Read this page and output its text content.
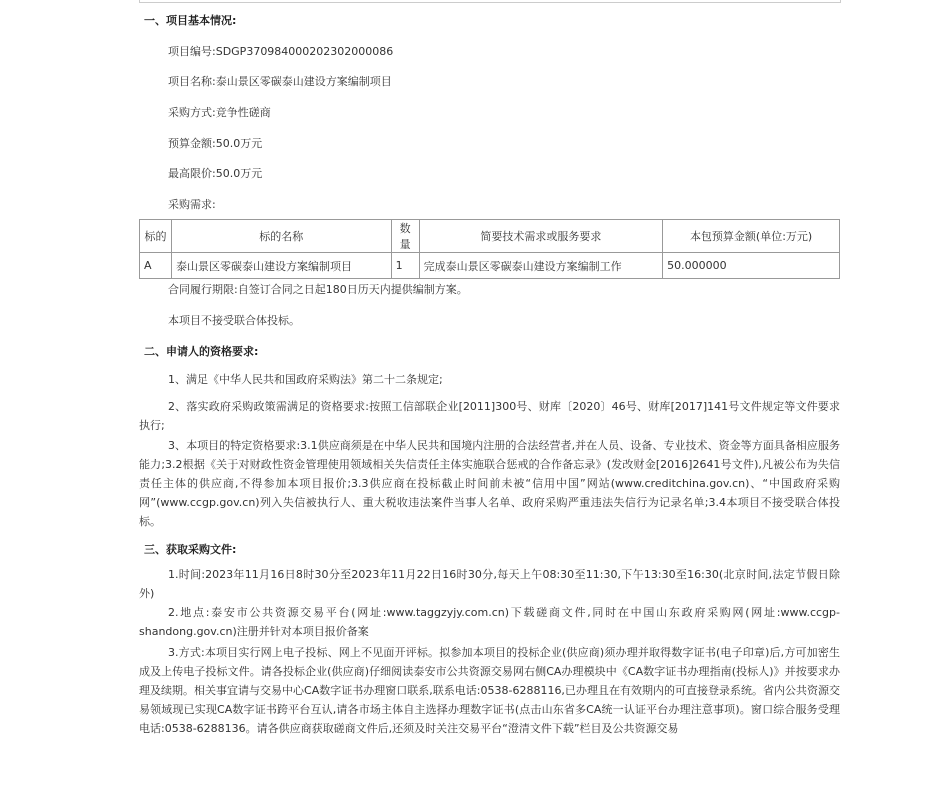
一、项目基本情况:
项目编号:SDGP370984000202302000086
项目名称:泰山景区零碳泰山建设方案编制项目
采购方式:竞争性磋商
预算金额:50.0万元
最高限价:50.0万元
采购需求:
标的	标的名称	数量	简要技术需求或服务要求	本包预算金额(单位:万元)
A	泰山景区零碳泰山建设方案编制项目	1	完成泰山景区零碳泰山建设方案编制工作	50.000000
合同履行期限:自签订合同之日起180日历天内提供编制方案。
本项目不接受联合体投标。
二、申请人的资格要求:
1、满足《中华人民共和国政府采购法》第二十二条规定;
2、落实政府采购政策需满足的资格要求:按照工信部联企业[2011]300号、财库〔2020〕46号、财库[2017]141号文件规定等文件要求执行;
3、本项目的特定资格要求:3.1供应商须是在中华人民共和国境内注册的合法经营者,并在人员、设备、专业技术、资金等方面具备相应服务能力;3.2根据《关于对财政性资金管理使用领域相关失信责任主体实施联合惩戒的合作备忘录》(发改财金[2016]2641号文件),凡被公布为失信责任主体的供应商,不得参加本项目报价;3.3供应商在投标截止时间前未被“信用中国”网站(www.creditchina.gov.cn)、“中国政府采购网”(www.ccgp.gov.cn)列入失信被执行人、重大税收违法案件当事人名单、政府采购严重违法失信行为记录名单;3.4本项目不接受联合体投标。
三、获取采购文件:
1.时间:2023年11月16日8时30分至2023年11月22日16时30分,每天上午08:30至11:30,下午13:30至16:30(北京时间,法定节假日除外)
2.地点:泰安市公共资源交易平台(网址:www.taggzyjy.com.cn)下载磋商文件,同时在中国山东政府采购网(网址:www.ccgp-shandong.gov.cn)注册并针对本项目报价备案
3.方式:本项目实行网上电子投标、网上不见面开评标。拟参加本项目的投标企业(供应商)须办理并取得数字证书(电子印章)后,方可加密生成及上传电子投标文件。请各投标企业(供应商)仔细阅读泰安市公共资源交易网右侧CA办理模块中《CA数字证书办理指南(投标人)》并按要求办理及续期。相关事宜请与交易中心CA数字证书办理窗口联系,联系电话:0538-6288116,已办理且在有效期内的可直接登录系统。省内公共资源交易领域现已实现CA数字证书跨平台互认,请各市场主体自主选择办理数字证书(点击山东省多CA统一认证平台办理注意事项)。窗口综合服务受理电话:0538-6288136。请各供应商获取磋商文件后,还须及时关注交易平台“澄清文件下载”栏目及公共资源交易
